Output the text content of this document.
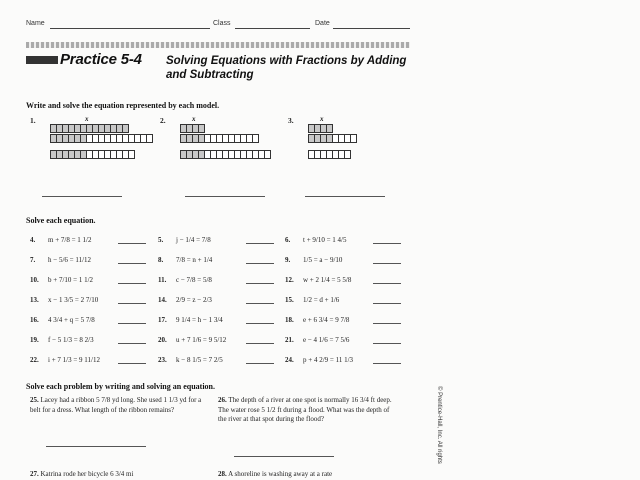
Name	Class	Date
Practice 5-4 Solving Equations with Fractions by Adding and Subtracting
Write and solve the equation represented by each model.
1.	x	2.	x	3.	x
Solve each equation.
4.	m + 7/8 = 1 1/2	5.	j − 1/4 = 7/8	6.	t + 9/10 = 1 4/5
7.	h − 5/6 = 11/12	8.	7/8 = n + 1/4	9.	1/5 = a − 9/10
10.	b + 7/10 = 1 1/2	11.	c − 7/8 = 5/8	12.	w + 2 1/4 = 5 5/8
13.	x − 1 3/5 = 2 7/10	14.	2/9 = z − 2/3	15.	1/2 = d + 1/6
16.	4 3/4 + q = 5 7/8	17.	9 1/4 = h − 1 3/4	18.	e + 6 3/4 = 9 7/8
19.	f − 5 1/3 = 8 2/3	20.	u + 7 1/6 = 9 5/12	21.	e − 4 1/6 = 7 5/6
22.	i + 7 1/3 = 9 11/12	23.	k − 8 1/5 = 7 2/5	24.	p + 4 2/9 = 11 1/3
Solve each problem by writing and solving an equation.
25. Lacey had a ribbon 5 7/8 yd long. She used 1 1/3 yd for a belt for a dress. What length of the ribbon remains?
26. The depth of a river at one spot is normally 16 3/4 ft deep. The water rose 5 1/2 ft during a flood. What was the depth of the river at that spot during the flood?
27. Katrina rode her bicycle 6 3/4 mi	28. A shoreline is washing away at a rate
© Prentice-Hall, Inc. All rights
